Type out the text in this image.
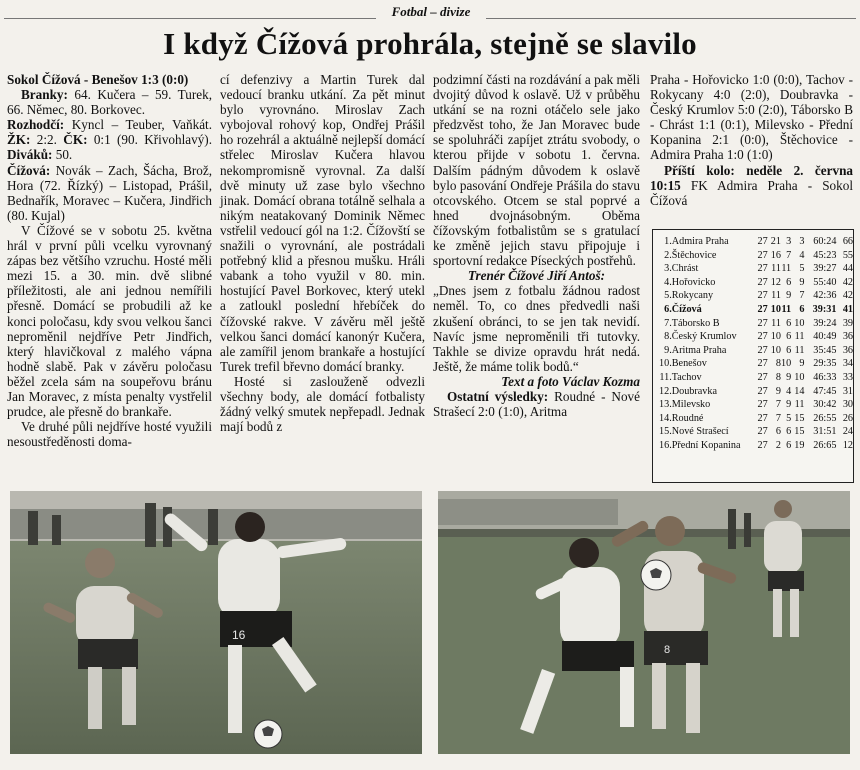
Fotbal – divize
I když Čížová prohrála, stejně se slavilo

Sokol Čížová - Benešov 1:3 (0:0)

Branky: 64. Kučera – 59. Turek, 66. Němec, 80. Borkovec.

Rozhodčí: Kyncl – Teuber, Vaňkát. ŽK: 2:2. ČK: 0:1 (90. Křivohlavý). Diváků: 50.

Čížová: Novák – Zach, Šácha, Brož, Hora (72. Řízký) – Listopad, Prášil, Bednařík, Moravec – Kučera, Jindřich (80. Kujal)

V Čížové se v sobotu 25. května hrál v první půli vcelku vyrovnaný zápas bez většího vzruchu. Hosté měli mezi 15. a 30. min. dvě slibné příležitosti, ale ani jednou nemířili přesně. Domácí se probudili až ke konci poločasu, kdy svou velkou šanci neproměnil nejdříve Petr Jindřich, který hlavičkoval z malého vápna hodně slabě. Pak v závěru poločasu běžel zcela sám na soupeřovu bránu Jan Moravec, z místa penalty vystřelil prudce, ale přesně do brankaře.

Ve druhé půli nejdříve hosté využili nesoustředěnosti doma-

cí defenzivy a Martin Turek dal vedoucí branku utkání. Za pět minut bylo vyrovnáno. Miroslav Zach vybojoval rohový kop, Ondřej Prášil ho rozehrál a aktuálně nejlepší domácí střelec Miroslav Kučera hlavou nekompromisně vyrovnal. Za další dvě minuty už zase bylo všechno jinak. Domácí obrana totálně selhala a nikým neatakovaný Dominik Němec vstřelil vedoucí gól na 1:2. Čížovští se snažili o vyrovnání, ale postrádali potřebný klid a přesnou mušku. Hráli vabank a toho využil v 80. min. hostující Pavel Borkovec, který utekl a zatloukl poslední hřebíček do čížovské rakve. V závěru měl ještě velkou šanci domácí kanonýr Kučera, ale zamířil jenom brankaře a hostující Turek trefil břevno domácí branky.

Hosté si zaslouženě odvezli všechny body, ale domácí fotbalisty žádný velký smutek nepřepadl. Jednak mají bodů z

podzimní části na rozdávání a pak měli dvojitý důvod k oslavě. Už v průběhu utkání se na rozni otáčelo sele jako předzvěst toho, že Jan Moravec bude se spoluhráči zapíjet ztrátu svobody, o kterou přijde v sobotu 1. června. Dalším pádným důvodem k oslavě bylo pasování Ondřeje Prášila do stavu otcovského. Otcem se stal poprvé a hned dvojnásobným. Oběma čížovským fotbalistům se s gratulací ke změně jejich stavu připojuje i sportovní redakce Píseckých postřehů.

Trenér Čížové Jiří Antoš:

„Dnes jsem z fotbalu žádnou radost neměl. To, co dnes předvedli naši zkušení obránci, to se jen tak nevidí. Navíc jsme neproměnili tři tutovky. Takhle se divize opravdu hrát nedá. Ještě, že máme tolik bodů.“

Text a foto Václav Kozma

Ostatní výsledky: Roudné - Nové Strašecí 2:0 (1:0), Aritma

Praha - Hořovicko 1:0 (0:0), Tachov - Rokycany 4:0 (2:0), Doubravka - Český Krumlov 5:0 (2:0), Táborsko B - Chrást 1:1 (0:1), Milevsko - Přední Kopanina 2:1 (0:0), Štěchovice - Admira Praha 1:0 (1:0)

Příští kolo: neděle 2. června 10:15 FK Admira Praha - Sokol Čížová

1.	Admira Praha	27	21	3	3	60:24	66
2.	Štěchovice	27	16	7	4	45:23	55
3.	Chrást	27	11	11	5	39:27	44
4.	Hořovicko	27	12	6	9	55:40	42
5.	Rokycany	27	11	9	7	42:36	42
6.	Čížová	27	10	11	6	39:31	41
7.	Táborsko B	27	11	6	10	39:24	39
8.	Český Krumlov	27	10	6	11	40:49	36
9.	Aritma Praha	27	10	6	11	35:45	36
10.	Benešov	27	8	10	9	29:35	34
11.	Tachov	27	8	9	10	46:33	33
12.	Doubravka	27	9	4	14	47:45	31
13.	Milevsko	27	7	9	11	30:42	30
14.	Roudné	27	7	5	15	26:55	26
15.	Nové Strašecí	27	6	6	15	31:51	24
16.	Přední Kopanina	27	2	6	19	26:65	12
16
8
